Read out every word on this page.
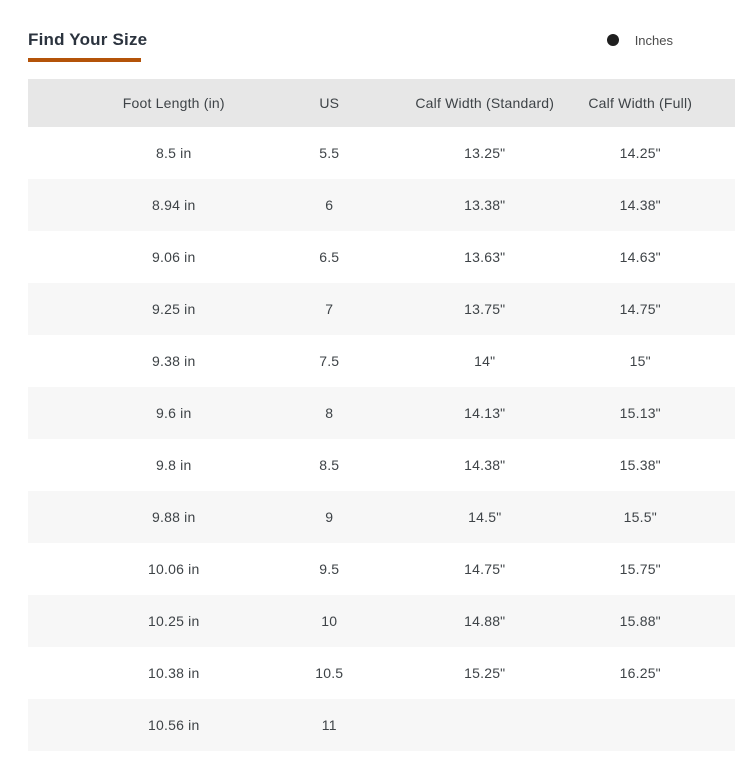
Find Your Size	Inches
Foot Length (in)	US	Calf Width (Standard)	Calf Width (Full)
8.5 in	5.5	13.25"	14.25"
8.94 in	6	13.38"	14.38"
9.06 in	6.5	13.63"	14.63"
9.25 in	7	13.75"	14.75"
9.38 in	7.5	14"	15"
9.6 in	8	14.13"	15.13"
9.8 in	8.5	14.38"	15.38"
9.88 in	9	14.5"	15.5"
10.06 in	9.5	14.75"	15.75"
10.25 in	10	14.88"	15.88"
10.38 in	10.5	15.25"	16.25"
10.56 in	11
